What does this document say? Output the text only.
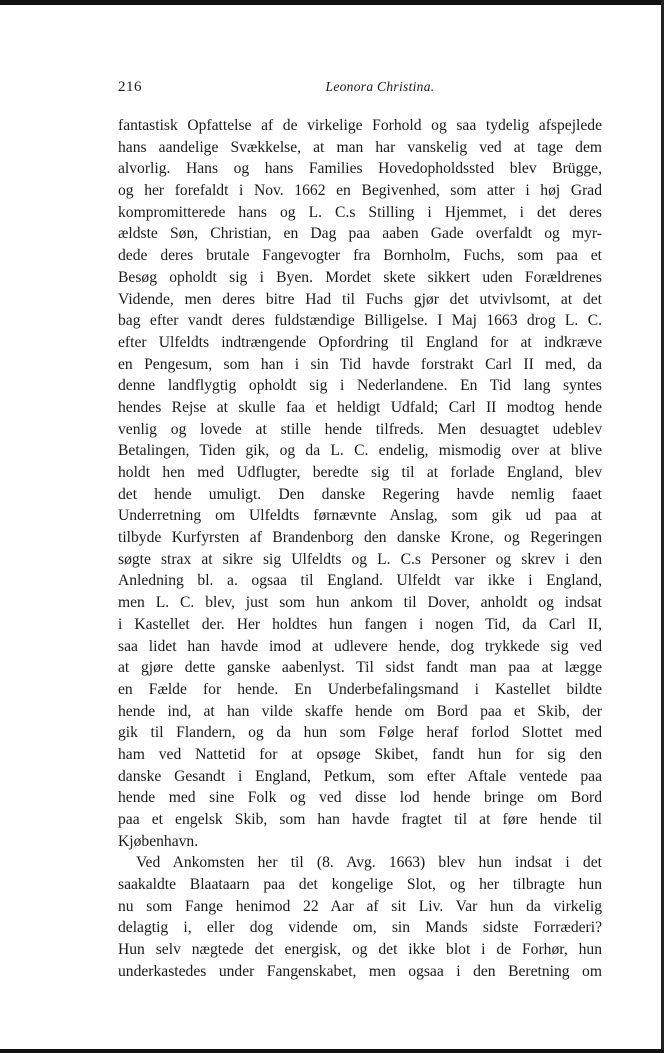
216	Leonora Christina.
fantastisk Opfattelse af de virkelige Forhold og saa tydelig afspejlede
hans aandelige Svækkelse, at man har vanskelig ved at tage dem
alvorlig. Hans og hans Families Hovedopholdssted blev Brügge,
og her forefaldt i Nov. 1662 en Begivenhed, som atter i høj Grad
kompromitterede hans og L. C.s Stilling i Hjemmet, i det deres
ældste Søn, Christian, en Dag paa aaben Gade overfaldt og myr-
dede deres brutale Fangevogter fra Bornholm, Fuchs, som paa et
Besøg opholdt sig i Byen. Mordet skete sikkert uden Forældrenes
Vidende, men deres bitre Had til Fuchs gjør det utvivlsomt, at det
bag efter vandt deres fuldstændige Billigelse. I Maj 1663 drog L. C.
efter Ulfeldts indtrængende Opfordring til England for at indkræve
en Pengesum, som han i sin Tid havde forstrakt Carl II med, da
denne landflygtig opholdt sig i Nederlandene. En Tid lang syntes
hendes Rejse at skulle faa et heldigt Udfald; Carl II modtog hende
venlig og lovede at stille hende tilfreds. Men desuagtet udeblev
Betalingen, Tiden gik, og da L. C. endelig, mismodig over at blive
holdt hen med Udflugter, beredte sig til at forlade England, blev
det hende umuligt. Den danske Regering havde nemlig faaet
Underretning om Ulfeldts førnævnte Anslag, som gik ud paa at
tilbyde Kurfyrsten af Brandenborg den danske Krone, og Regeringen
søgte strax at sikre sig Ulfeldts og L. C.s Personer og skrev i den
Anledning bl. a. ogsaa til England. Ulfeldt var ikke i England,
men L. C. blev, just som hun ankom til Dover, anholdt og indsat
i Kastellet der. Her holdtes hun fangen i nogen Tid, da Carl II,
saa lidet han havde imod at udlevere hende, dog trykkede sig ved
at gjøre dette ganske aabenlyst. Til sidst fandt man paa at lægge
en Fælde for hende. En Underbefalingsmand i Kastellet bildte
hende ind, at han vilde skaffe hende om Bord paa et Skib, der
gik til Flandern, og da hun som Følge heraf forlod Slottet med
ham ved Nattetid for at opsøge Skibet, fandt hun for sig den
danske Gesandt i England, Petkum, som efter Aftale ventede paa
hende med sine Folk og ved disse lod hende bringe om Bord
paa et engelsk Skib, som han havde fragtet til at føre hende til
Kjøbenhavn.
Ved Ankomsten her til (8. Avg. 1663) blev hun indsat i det
saakaldte Blaataarn paa det kongelige Slot, og her tilbragte hun
nu som Fange henimod 22 Aar af sit Liv. Var hun da virkelig
delagtig i, eller dog vidende om, sin Mands sidste Forræderi?
Hun selv nægtede det energisk, og det ikke blot i de Forhør, hun
underkastedes under Fangenskabet, men ogsaa i den Beretning om
